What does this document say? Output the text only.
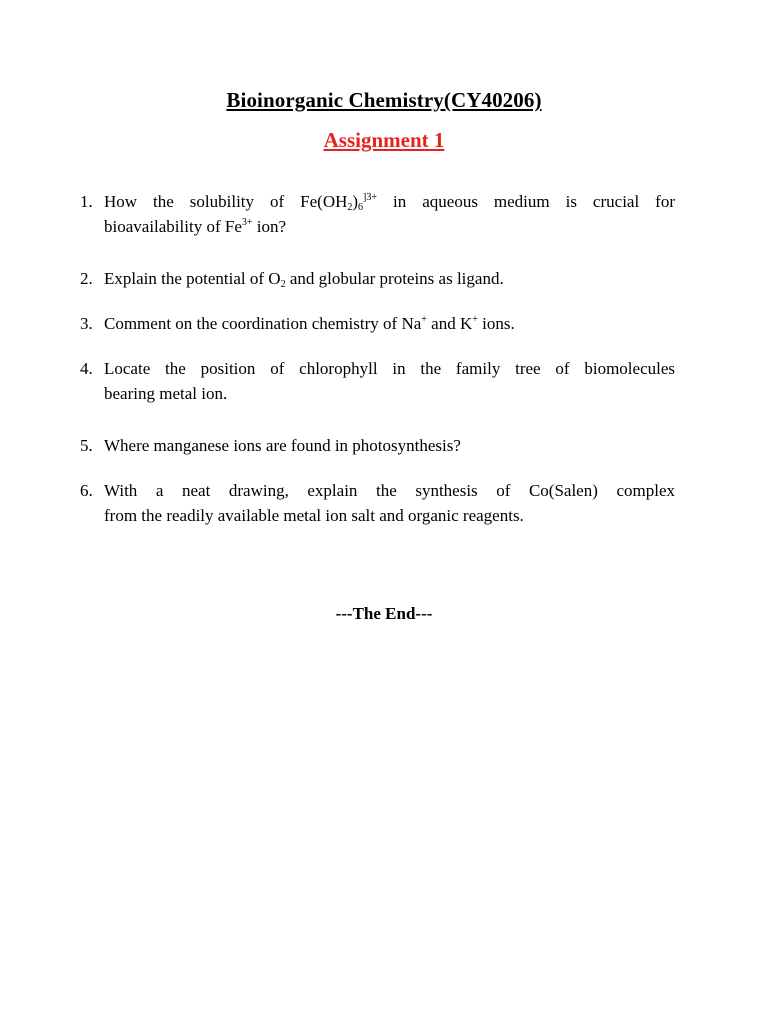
Bioinorganic Chemistry(CY40206)
Assignment 1
1. How the solubility of $Fe(OH_2)_6^{]3+}$ in aqueous medium is crucial for
bioavailability of $Fe^{3+}$ ion?
2. Explain the potential of $O_2$ and globular proteins as ligand.
3. Comment on the coordination chemistry of Na+ and K+ ions.
4. Locate the position of chlorophyll in the family tree of biomolecules
bearing metal ion.
5. Where manganese ions are found in photosynthesis?
6. With a neat drawing, explain the synthesis of Co(Salen) complex
from the readily available metal ion salt and organic reagents.
---The End---
